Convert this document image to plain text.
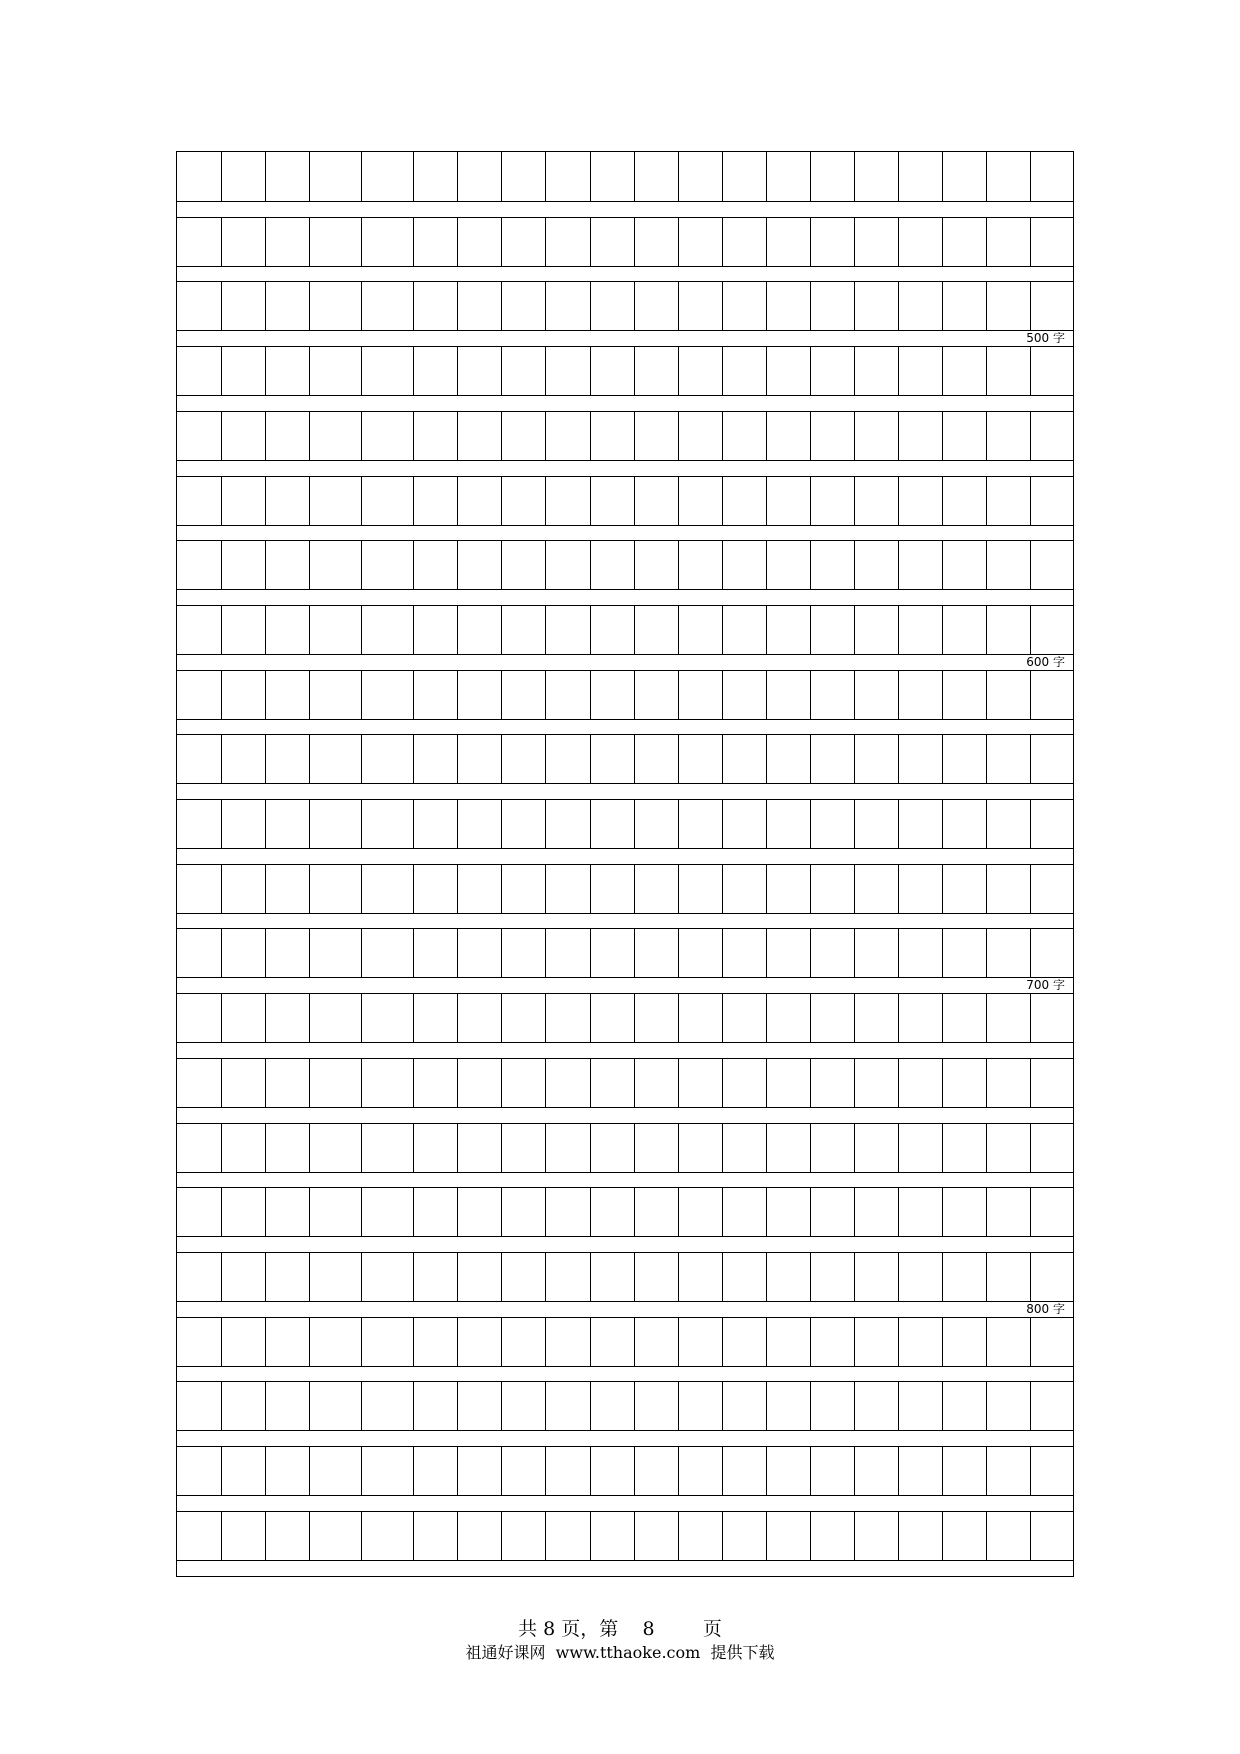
500 字
600 字
700 字
800 字
共 8 页，第    8        页
祖通好课网  www.tthaoke.com  提供下载
